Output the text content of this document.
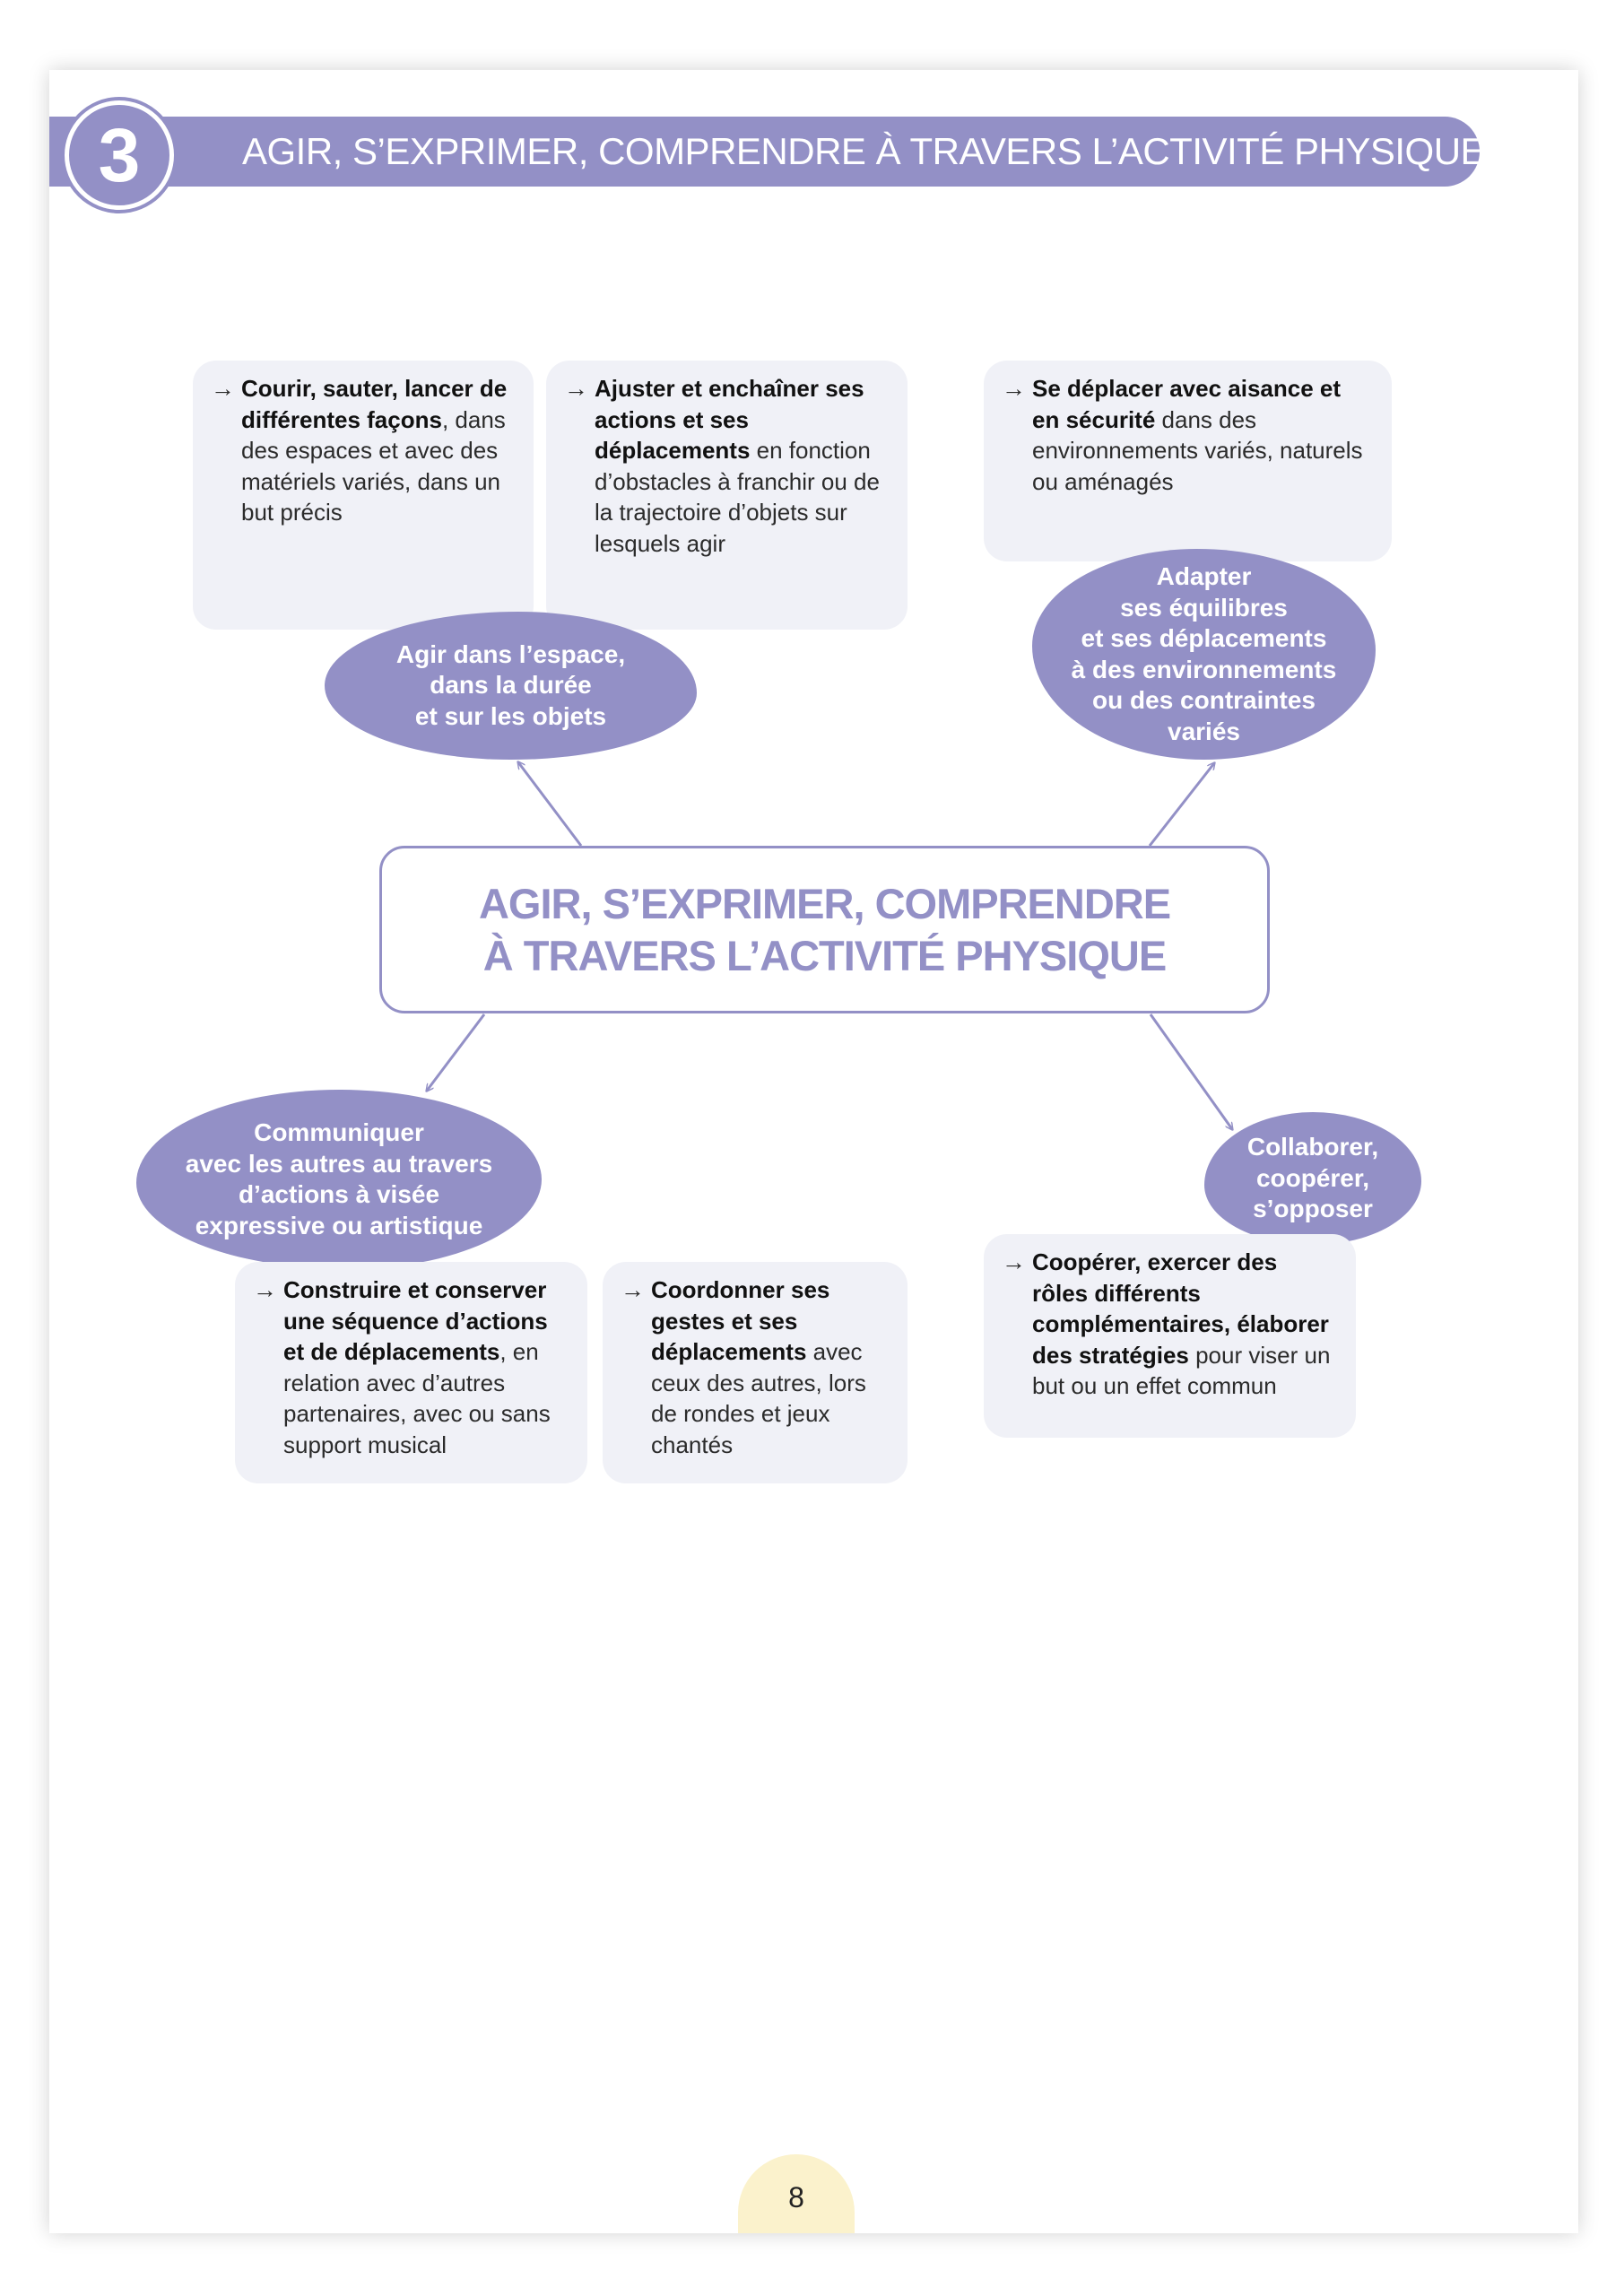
AGIR, S’EXPRIMER, COMPRENDRE À TRAVERS L’ACTIVITÉ PHYSIQUE
3
→ Courir, sauter, lancer de différentes façons, dans des espaces et avec des matériels variés, dans un but précis
→ Ajuster et enchaîner ses actions et ses déplacements en fonction d’obstacles à franchir ou de la trajectoire d’objets sur lesquels agir
→ Se déplacer avec aisance et en sécurité dans des environnements variés, naturels ou aménagés
Agir dans l’espace,
dans la durée
et sur les objets
Adapter
ses équilibres
et ses déplacements
à des environnements
ou des contraintes
variés
AGIR, S’EXPRIMER, COMPRENDRE
À TRAVERS L’ACTIVITÉ PHYSIQUE
Communiquer
avec les autres au travers
d’actions à visée
expressive ou artistique
Collaborer,
coopérer,
s’opposer
→ Construire et conserver une séquence d’actions et de déplacements, en relation avec d’autres partenaires, avec ou sans support musical
→ Coordonner ses gestes et ses déplacements avec ceux des autres, lors de rondes et jeux chantés
→ Coopérer, exercer des rôles différents complémentaires, élaborer des stratégies pour viser un but ou un effet commun
8
